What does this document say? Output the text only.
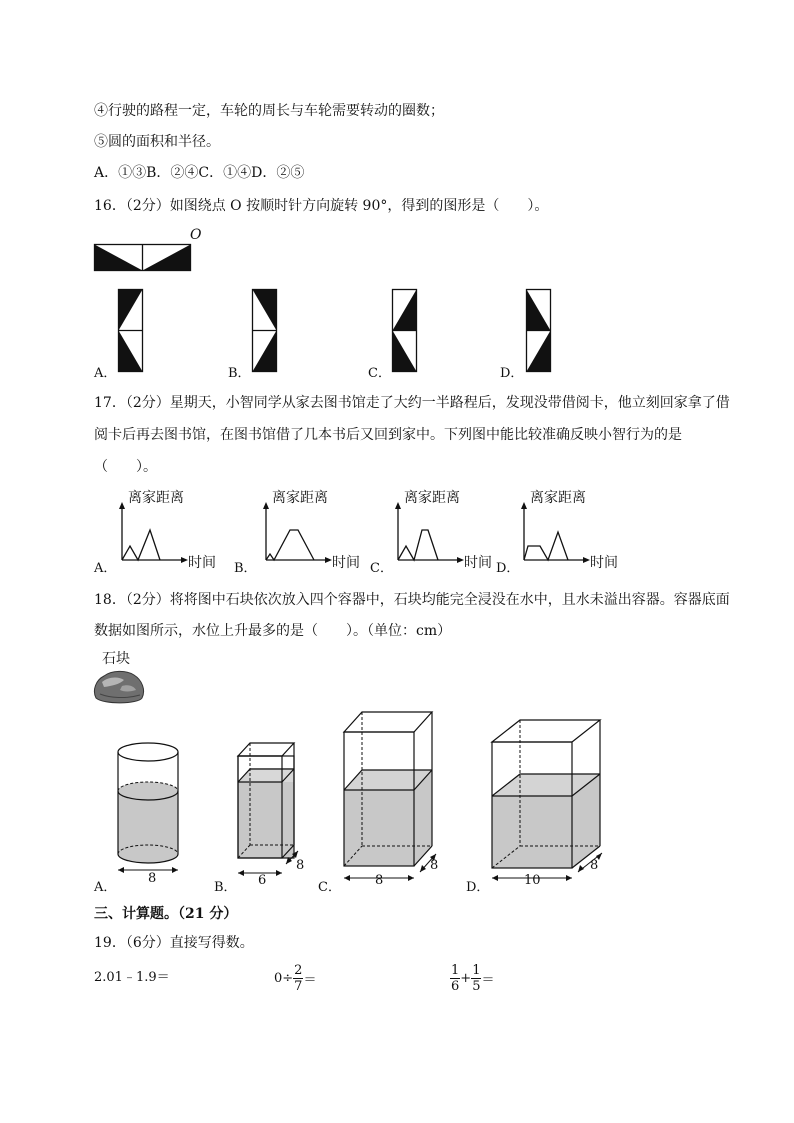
④行驶的路程一定，车轮的周长与车轮需要转动的圈数；
⑤圆的面积和半径。
A．①③B．②④C．①④D．②⑤
16．（2分）如图绕点 O 按顺时针方向旋转 90°，得到的图形是（　　）。
O
A．	B．	C．	D．
17．（2分）星期天，小智同学从家去图书馆走了大约一半路程后，发现没带借阅卡，他立刻回家拿了借
阅卡后再去图书馆，在图书馆借了几本书后又回到家中。下列图中能比较准确反映小智行为的是
（　　）。
离家距离
时间
A．
离家距离
时间
B．
离家距离
时间
C．
离家距离
时间
D．
18．（2分）将将图中石块依次放入四个容器中，石块均能完全浸没在水中，且水未溢出容器。容器底面
数据如图所示，水位上升最多的是（　　）。（单位：cm）
石块
8
A．	6
8
B．	8
8
C．	10
8
D．
三、计算题。（21 分）
19．（6分）直接写得数。
2.01﹣1.9＝	$0\div \frac{2}{7}$ ＝	$\frac{1}{6} + \frac{1}{5}$ ＝
